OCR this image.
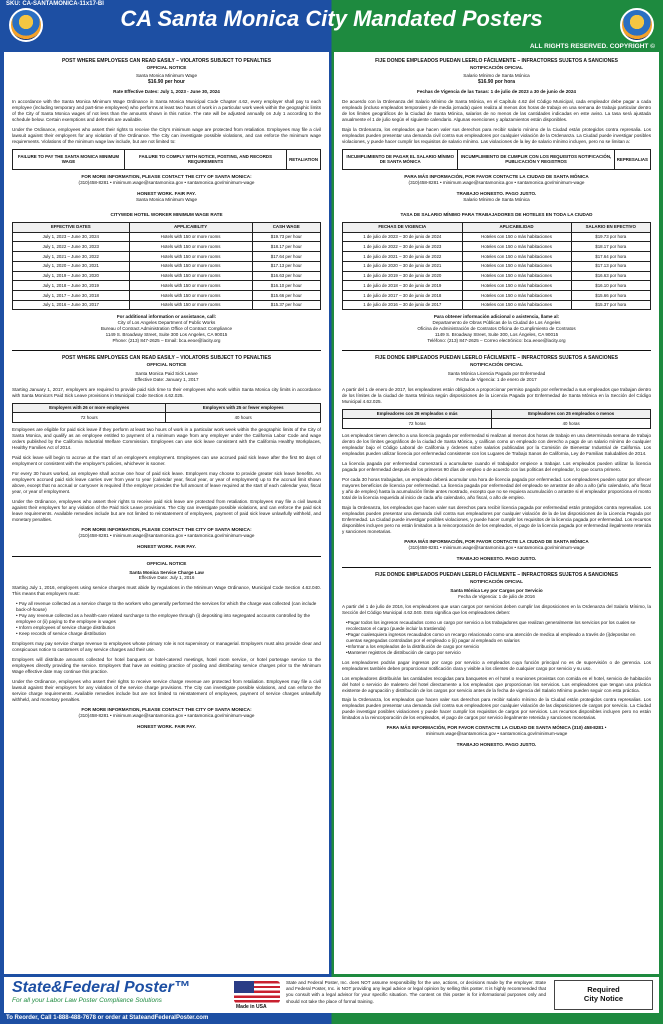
SKU: CA-SANTAMONICA-11x17-BI
CA Santa Monica City Mandated Posters
ALL RIGHTS RESERVED. COPYRIGHT ©
POST WHERE EMPLOYEES CAN READ EASILY – VIOLATORS SUBJECT TO PENALTIES
OFFICIAL NOTICE
Santa Monica Minimum Wage
$16.90 per hour
Rate Effective Dates: July 1, 2023 - June 30, 2024
In accordance with the Santa Monica Minimum Wage Ordinance in Santa Monica Municipal Code Chapter 4.62, every employer shall pay to each employee (including temporary and part-time employees) who performs at least two hours of work in a particular work week within the geographic limits of the City of Santa Monica wages of not less than the amounts shown in this notice. The rate will be adjusted annually on July 1 according to the schedule below. Certain exemptions and deferrals are available.
Under the Ordinance, employees who assert their rights to receive the City's minimum wage are protected from retaliation. Employees may file a civil lawsuit against their employers for any violation of the Ordinance. The City can investigate possible violations, and can enforce the minimum wage requirements. Violations of the minimum wage law include, but are not limited to:
FAILURE TO PAY THE SANTA MONICA MINIMUM WAGE	FAILURE TO COMPLY WITH NOTICE, POSTING, AND RECORDS REQUIREMENTS	RETALIATION
FOR MORE INFORMATION, PLEASE CONTACT THE CITY OF SANTA MONICA:
(310)458-8281 • minimum.wage@santamonica.gov • santamonica.gov/minimum-wage
HONEST WORK. FAIR PAY.
Santa Monica Minimum Wage
CITYWIDE HOTEL WORKER MINIMUM WAGE RATE
EFFECTIVE DATES	APPLICABILITY	CASH WAGE
July 1, 2023 – June 30, 2024	Hotels with 150 or more rooms	$19.73 per hour
July 1, 2022 – June 30, 2023	Hotels with 150 or more rooms	$18.17 per hour
July 1, 2021 – June 30, 2022	Hotels with 150 or more rooms	$17.64 per hour
July 1, 2020 – June 30, 2021	Hotels with 150 or more rooms	$17.13 per hour
July 1, 2019 – June 30, 2020	Hotels with 150 or more rooms	$16.63 per hour
July 1, 2018 – June 30, 2019	Hotels with 150 or more rooms	$16.10 per hour
July 1, 2017 – June 30, 2018	Hotels with 150 or more rooms	$15.66 per hour
July 1, 2016 – June 30, 2017	Hotels with 150 or more rooms	$15.37 per hour
For additional information or assistance, call:
City of Los Angeles Department of Public Works
Bureau of Contract Administration Office of Contract Compliance
1149 S. Broadway Street, Suite 300 Los Angeles, CA 90015
Phone: (213) 847-2625 – Email: bca.eeoe@lacity.org
POST WHERE EMPLOYEES CAN READ EASILY – VIOLATORS SUBJECT TO PENALTIES
OFFICIAL NOTICE
Santa Monica Paid Sick Leave
Effective Date: January 1, 2017
Starting January 1, 2017, employers are required to provide paid sick time to their employees who work within Santa Monica city limits in accordance with Santa Monica's Paid Sick Leave provisions in Municipal Code Section 4.62.025.
Employers with 26 or more employees	Employers with 25 or fewer employees
72 hours	40 hours
Employees are eligible for paid sick leave if they perform at least two hours of work in a particular work week within the geographic limits of the City of Santa Monica, and qualify as an employee entitled to payment of a minimum wage from any employer under the California Labor Code and wage orders published by the California Industrial Welfare Commission. Employees can use sick leave consistent with the California Healthy Workplaces, Healthy Families Act of 2014.
Paid sick leave will begin to accrue at the start of an employee's employment. Employees can use accrued paid sick leave after the first 90 days of employment or consistent with the employer's policies, whichever is sooner.
For every 30 hours worked, an employee shall accrue one hour of paid sick leave. Employers may choose to provide greater sick leave benefits. An employee's accrued paid sick leave carries over from year to year (calendar year, fiscal year, or year of employment) up to the accrual limit shown above, except that no accrual or carryover is required if the employer provides the full amount of leave required at the start of each calendar year, fiscal year, or year of employment.
Under the Ordinance, employees who assert their rights to receive paid sick leave are protected from retaliation. Employees may file a civil lawsuit against their employers for any violation of the Paid Sick Leave provisions. The City can investigate possible violations, and can enforce the paid sick leave requirements. Available remedies include but are not limited to reinstatement of employees, payment of paid sick leave unlawfully withheld, and monetary penalties.
FOR MORE INFORMATION, PLEASE CONTACT THE CITY OF SANTA MONICA:
(310)458-8281 • minimum.wage@santamonica.gov • santamonica.gov/minimum-wage
HONEST WORK. FAIR PAY.
OFFICIAL NOTICE
Santa Monica Service Charge Law
Effective Date: July 1, 2016
Starting July 1, 2016, employers using service charges must abide by regulations in the Minimum Wage Ordinance, Municipal Code Section 4.62.040. This means that employers must:
• Pay all revenue collected as a service charge to the workers who generally performed the services for which the charge was collected (can include back-of-house)
• Pay any revenue collected as a health-care related surcharge to the employee through (i) depositing into segregated accounts controlled by the employee or (ii) paying to the employee in wages
• Inform employees of service charge distribution
• Keep records of service charge distribution
Employers may pay service charge revenue to employees whose primary role is not supervisory or managerial. Employers must also provide clear and conspicuous notice to customers of any service charges and their use.
Employers will distribute amounts collected for hotel banquets or hotel-catered meetings, hotel room service, or hotel porterage service to the employees directly providing the service. Employers that have an existing practice of pooling and distributing service charges prior to the Minimum Wage effective date may continue this practice.
Under the Ordinance, employees who assert their rights to receive service charge revenue are protected from retaliation. Employees may file a civil lawsuit against their employers for any violation of the service charge provisions. The City can investigate possible violations, and can enforce the service charge requirements. Available remedies include but are not limited to reinstatement of employees, payment of service charges unlawfully withheld, and monetary penalties.
FOR MORE INFORMATION, PLEASE CONTACT THE CITY OF SANTA MONICA:
(310)458-8281 • minimum.wage@santamonica.gov • santamonica.gov/minimum-wage
HONEST WORK. FAIR PAY.
FIJE DONDE EMPLEADOS PUEDAN LEERLO FÁCILMENTE – INFRACTORES SUJETOS A SANCIONES
NOTIFICACIÓN OFICIAL
Salario Mínimo de Santa Mónica
$16.90 por hora
Fechas de Vigencia de las Tasas: 1 de julio de 2023 a 30 de junio de 2024
De acuerdo con la Ordenanza del Salario Mínimo de Santa Mónica, en el Capítulo 4.62 del Código Municipal, cada empleador debe pagar a cada empleado (incluso empleados temporales y de media jornada) quien realiza al menos dos horas de trabajo en una semana de trabajo particular dentro de los límites geográficos de la Ciudad de Santa Mónica, salarios de no menos de las cantidades indicadas en este aviso. La tasa será ajustada anualmente el 1 de julio según el siguiente calendario. Algunas exenciones y aplazamientos están disponibles.
Bajo la Ordenanza, los empleados que hacen valer sus derechos para recibir salario mínimo de la Ciudad están protegidos contra represalia. Los empleados pueden presentar una demanda civil contra sus empleadores por cualquier violación de la Ordenanza. La Ciudad puede investigar posibles violaciones, y puede hacer cumplir los requisitos de salario mínimo. Las violaciones de la ley de salario mínimo incluyen, pero no se limitan a:
INCUMPLIMIENTO DE PAGAR EL SALARIO MÍNIMO DE SANTA MÓNICA	INCUMPLIMIENTO DE CUMPLIR CON LOS REQUISITOS NOTIFICACIÓN, PUBLICACIÓN Y REGISTROS	REPRESALIAS
PARA MÁS INFORMACIÓN, POR FAVOR CONTACTE LA CIUDAD DE SANTA MÓNICA
(310)458-8281 • minimum.wage@santamonica.gov • santamonica.gov/minimum-wage
TRABAJO HONESTO. PAGO JUSTO.
Salario Mínimo de Santa Mónica
TASA DE SALARIO MÍNIMO PARA TRABAJADORES DE HOTELES EN TODA LA CIUDAD
FECHAS DE VIGENCIA	APLICABILIDAD	SALARIO EN EFECTIVO
1 de julio de 2023 – 30 de junio de 2024	Hoteles con 150 o más habitaciones	$19.73 por hora
1 de julio de 2022 – 30 de junio de 2023	Hoteles con 150 o más habitaciones	$18.17 por hora
1 de julio de 2021 – 30 de junio de 2022	Hoteles con 150 o más habitaciones	$17.64 por hora
1 de julio de 2020 – 30 de junio de 2021	Hoteles con 150 o más habitaciones	$17.13 por hora
1 de julio de 2019 – 30 de junio de 2020	Hoteles con 150 o más habitaciones	$16.63 por hora
1 de julio de 2018 – 30 de junio de 2019	Hoteles con 150 o más habitaciones	$16.10 por hora
1 de julio de 2017 – 30 de junio de 2018	Hoteles con 150 o más habitaciones	$15.66 por hora
1 de julio de 2016 – 30 de junio de 2017	Hoteles con 150 o más habitaciones	$15.37 por hora
Para obtener información adicional o asistencia, llame al:
Departamento de Obras Públicas de la Ciudad de Los Ángeles
Oficina de Administración de Contratos Oficina de Cumplimiento de Contratos
1149 S. Broadway Street, Suite 300, Los Ángeles, CA 90015
Teléfono: (213) 847-2625 – Correo electrónico: bca.eeoe@lacity.org
FIJE DONDE EMPLEADOS PUEDAN LEERLO FÁCILMENTE – INFRACTORES SUJETOS A SANCIONES
NOTIFICACIÓN OFICIAL
Santa Mónica Licencia Pagada por Enfermedad
Fecha de Vigencia: 1 de enero de 2017
A partir del 1 de enero de 2017, los empleadores están obligados a proporcionar permiso pagado por enfermedad a sus empleados que trabajan dentro de los límites de la ciudad de Santa Mónica según disposiciones de la Licencia Pagada por Enfermedad de Santa Mónica en la Sección del Código Municipal 4.62.025.
Empleadores con 26 empleados o más	Empleadores con 25 empleados o menos
72 horas	40 horas
Los empleados tienen derecho a una licencia pagada por enfermedad si realizan al menos dos horas de trabajo en una determinada semana de trabajo dentro de los límites geográficos de la ciudad de Santa Mónica, y califican como un empleado con derecho a pago de un salario mínimo de cualquier empleador bajo el Código Laboral de California y órdenes sobre salarios publicadas por la Comisión de Bienestar Industrial de California. Los empleados pueden utilizar licencia por enfermedad consistente con los Lugares de Trabajo Sanos de California, Ley de Familias Saludables de 2014.
La licencia pagada por enfermedad comenzará a acumularse cuando el trabajador empiece a trabajar. Los empleados pueden utilizar la licencia pagada por enfermedad después de los primeros 90 días de empleo o de acuerdo con las políticas del empleador, lo que ocurra primero.
Por cada 30 horas trabajadas, un empleado deberá acumular una hora de licencia pagada por enfermedad. Los empleadores pueden optar por ofrecer mayores beneficios de licencia por enfermedad. La licencia pagada por enfermedad del empleado se arrastrar de año a año (año calendario, año fiscal y año de empleo) hasta la acumulación límite antes mostrado, excepto que no se requiera acumulación o arrastre si el empleador proporciona el monto total de la licencia requerida al inicio de cada año calendario, año fiscal, o año de empleo.
Bajo la Ordenanza, los empleados que hacen valer sus derechos para recibir licencia pagada por enfermedad están protegidos contra represalias. Los empleados pueden presentar una demanda civil contra sus empleadores por cualquier violación de la de las disposiciones de la Licencia Pagada por Enfermedad. La Ciudad puede investigar posibles violaciones, y puede hacer cumplir los requisitos de la licencia pagada por enfermedad. Los recursos disponibles incluyen pero no están limitados a la reincorporación de los empleados, el pago de la licencia pagada por enfermedad ilegalmente retenida y sanciones monetarias.
PARA MÁS INFORMACIÓN, POR FAVOR CONTACTE LA CIUDAD DE SANTA MÓNICA
(310)458-8281 • minimum.wage@santamonica.gov • santamonica.gov/minimum-wage
TRABAJO HONESTO. PAGO JUSTO.
FIJE DONDE EMPLEADOS PUEDAN LEERLO FÁCILMENTE – INFRACTORES SUJETOS A SANCIONES
NOTIFICACIÓN OFICIAL
Santa Mónica Ley por Cargos por Servicio
Fecha de Vigencia: 1 de julio de 2016
A partir del 1 de julio de 2016, los empleadores que usan cargos por servicios deben cumplir las disposiciones en la Ordenanza del Salario Mínimo, la Sección del Código Municipal 4.62.040. Esto significa que los empleadores deben:
•Pagar todos los ingresos recaudados como un cargo por servicio a los trabajadores que realizan generalmente los servicios por los cuales se recolectaron el cargo (puede incluir la trastienda)
•Pagar cualesquiera ingresos recaudados como un recargo relacionado como una atención de medica al empleado a través de (i)depositar en cuentas segregadas controladas por el empleado o (ii) pagar al empleado en salarios
•Informar a los empleados de la distribución de cargo por servicio
•Mantener registros de distribución de cargo por servicio
Los empleadores podrán pagar ingresos por cargo por servicio a empleados cuya función principal no es de supervisión o de gerencia. Los empleadores también deben proporcionar notificación clara y visible a los clientes de cualquier cargo por servicio y su uso.
Los empleadores distribuirán las cantidades recogidas para banquetes en el hotel o reuniones provistas con comida en el hotel, servicio de habitación del hotel o servicio de maletero del hotel directamente a los empleados que proporcionan los servicios. Los empleadores que tengan una práctica existente de agrupación y distribución de los cargos por servicio antes de la fecha de vigencia del Salario Mínimo pueden seguir con esta práctica.
Bajo la Ordenanza, los empleados que hacen valer sus derechos para recibir salario mínimo de la Ciudad están protegidos contra represalias. Los empleados pueden presentar una demanda civil contra sus empleadores por cualquier violación de las disposiciones de cargos por servicio. La Ciudad puede investigar posibles violaciones y puede hacer cumplir los requisitos de cargos por servicios. Los recursos disponibles incluyen pero no están limitados a la reincorporación de los empleados, el pago de cargos por servicio ilegalmente retenida y sanciones monetarias.
PARA MÁS INFORMACIÓN, POR FAVOR CONTACTE LA CIUDAD DE SANTA MÓNICA (310) 458-8281 •
minimum.wage@santamonica.gov • santamonica.gov/minimum-wage
TRABAJO HONESTO. PAGO JUSTO.
State&Federal Poster™
For all your Labor Law Poster Compliance Solutions
Made in USA
State and Federal Poster, Inc. does NOT assume responsibility for the use, actions, or decisions made by the employer. State and Federal Poster, Inc. is NOT providing any legal advice or legal opinion by selling this poster. It is highly recommended that you consult with a legal advisor for your specific situation. The content on this poster is for informational purposes only and should not take the place of formal training.
Required
City Notice
To Reorder, Call 1-888-488-7678 or order at StateandFederalPoster.com
